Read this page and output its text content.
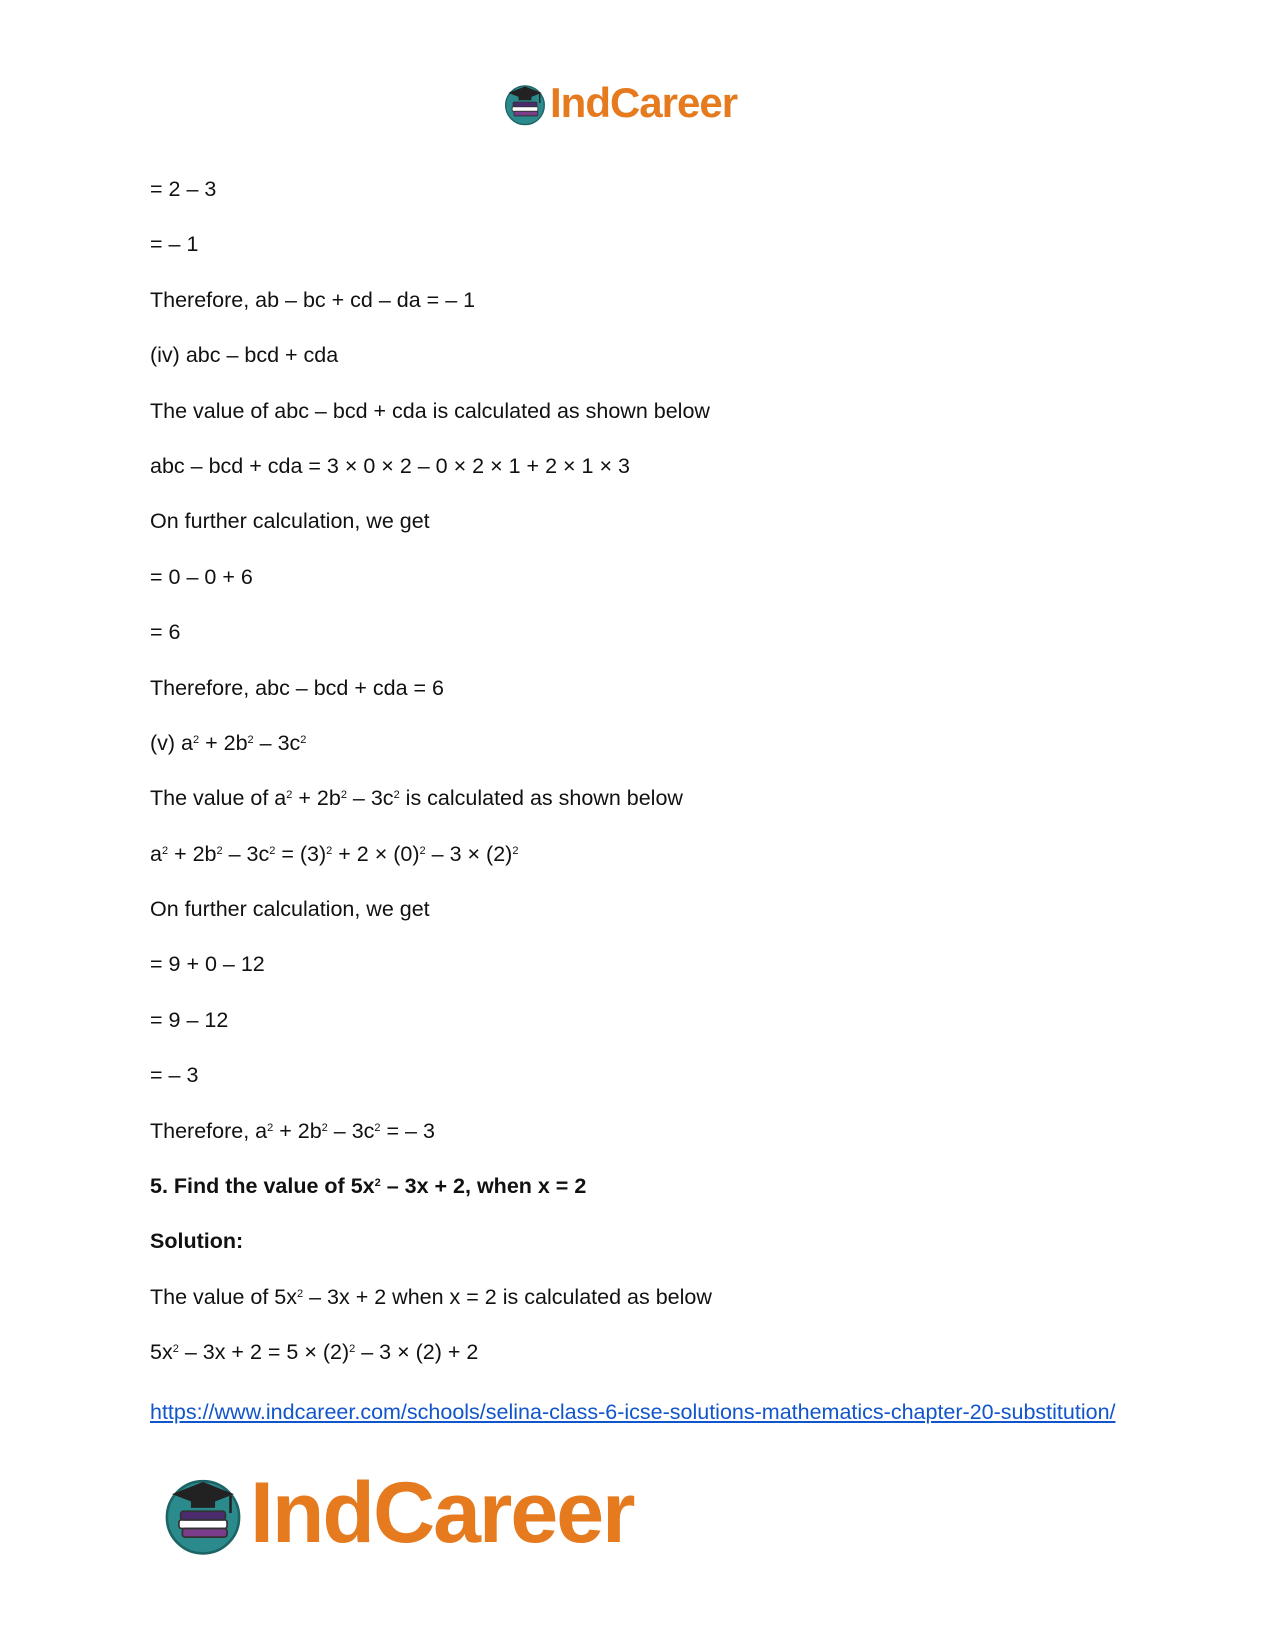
IndCareer
= 2 – 3
= – 1
Therefore, ab – bc + cd – da = – 1
(iv) abc – bcd + cda
The value of abc – bcd + cda is calculated as shown below
abc – bcd + cda = 3 × 0 × 2 – 0 × 2 × 1 + 2 × 1 × 3
On further calculation, we get
= 0 – 0 + 6
= 6
Therefore, abc – bcd + cda = 6
(v) $a^2 + 2b^2 - 3c^2$
The value of $a^2 + 2b^2 - 3c^2$ is calculated as shown below
$a^2 + 2b^2 - 3c^2 = (3)^2 + 2 \times (0)^2 - 3 \times (2)^2$
On further calculation, we get
= 9 + 0 – 12
= 9 – 12
= – 3
Therefore, $a^2 + 2b^2 - 3c^2$ = – 3
5. Find the value of $5x^2 - 3x + 2$, when x = 2
Solution:
The value of $5x^2 - 3x + 2$ when x = 2 is calculated as below
$5x^2 - 3x + 2 = 5 \times (2)^2 - 3 \times (2) + 2$
https://www.indcareer.com/schools/selina-class-6-icse-solutions-mathematics-chapter-20-substitution/
IndCareer
